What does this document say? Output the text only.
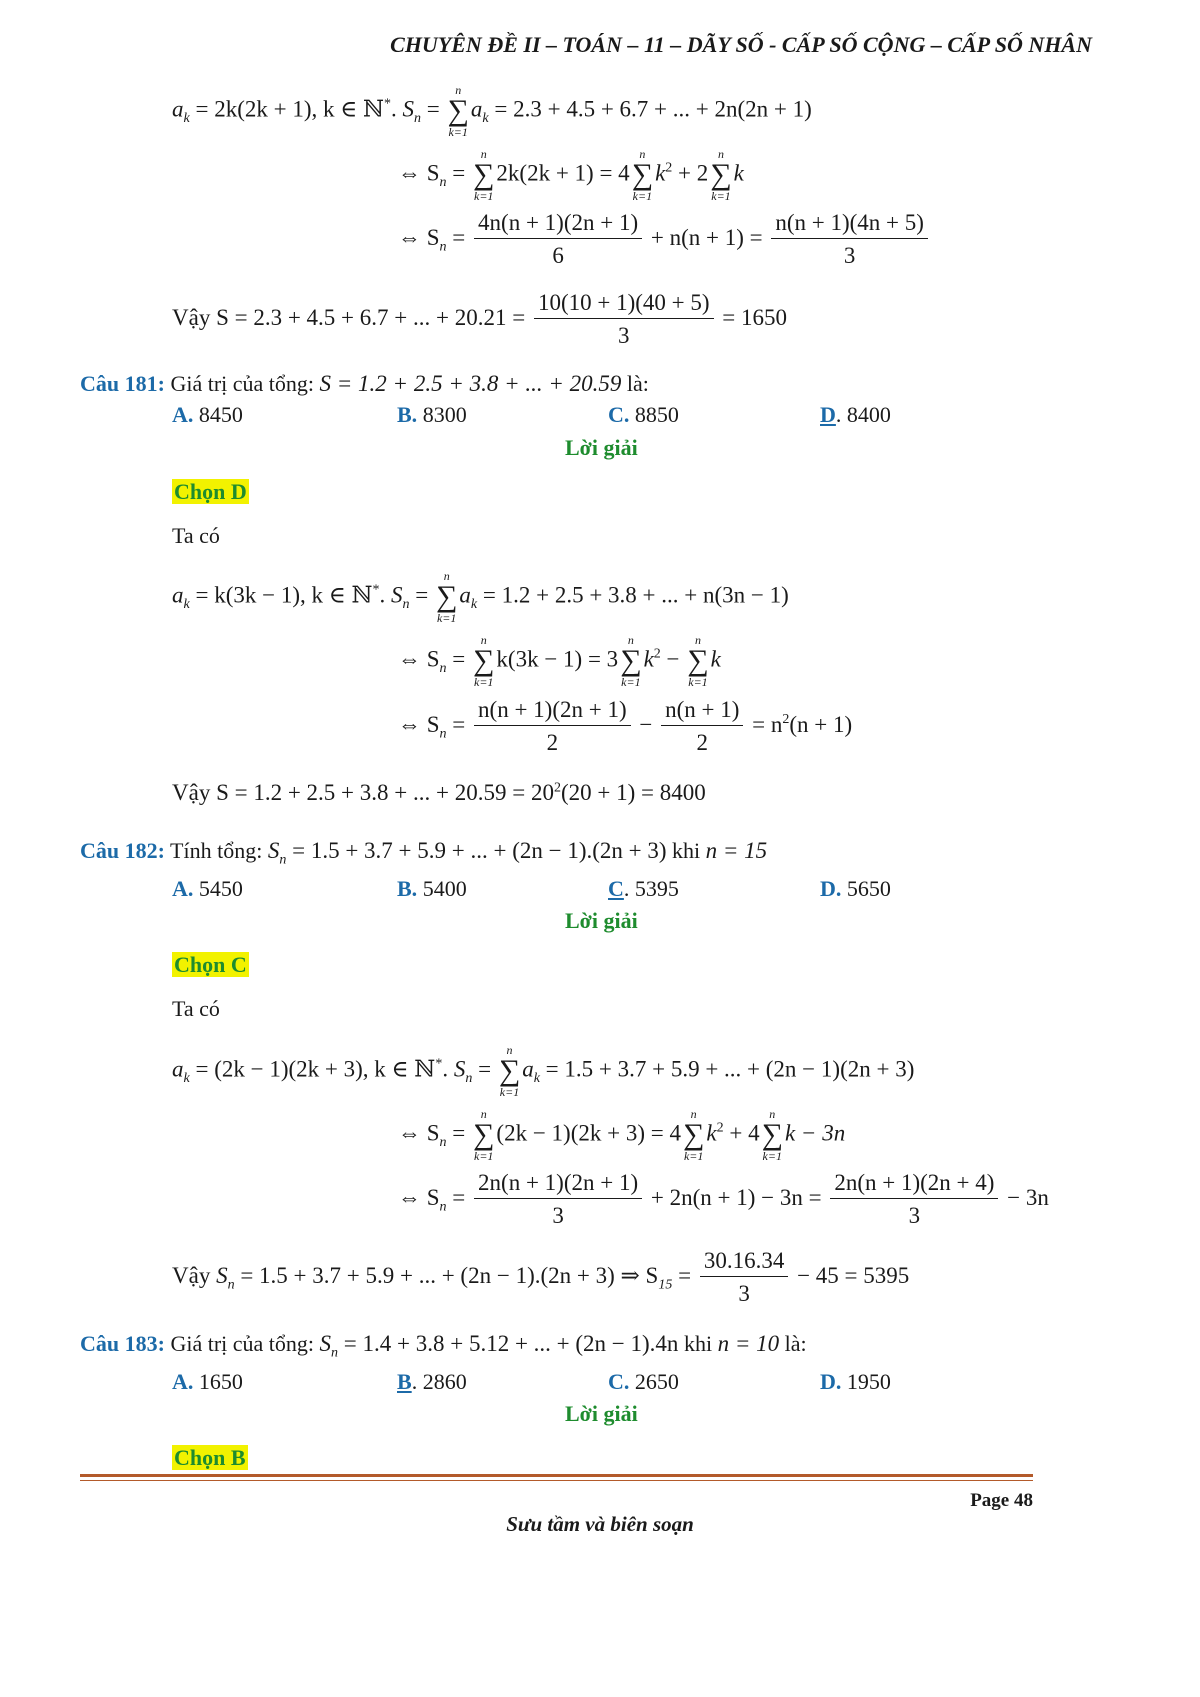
CHUYÊN ĐỀ II – TOÁN – 11 – DÃY SỐ - CẤP SỐ CỘNG – CẤP SỐ NHÂN
$a_k = 2k(2k + 1)$, k ∈ ℕ*. $S_n$ =
n
∑
k=1
$a_k = 2.3 + 4.5 + 6.7$ + ... + 2n(2n + 1)
⇔ $S_n$ =
n
∑
k=1
2k(2k + 1) = 4
n
∑
k=1
$k^2 + 2$
n
∑
k=1
k
⇔ $S_n = \frac{4n(n + 1)(2n + 1)}{6} + n(n + 1) = \frac{n(n + 1)(4n + 5)}{3}$
Vậy S = 2.3 + 4.5 + 6.7 + ... + $20.21 = \frac{10(10 + 1)(40 + 5)}{3} = 1650$
Câu 181: Giá trị của tổng: S = 1.2 + 2.5 + 3.8 + ... + 20.59 là:
A. 8450	B. 8300	C. 8850	D. 8400
Lời giải
Chọn D
Ta có
$a_k = k(3k - 1)$, k ∈ ℕ*. $S_n$ =
n
∑
k=1
$a_k = 1.2 + 2.5 + 3.8$ + ... + n(3n − 1)
⇔ $S_n$ =
n
∑
k=1
k(3k − 1) = 3
n
∑
k=1
$k^2$ −
n
∑
k=1
k
⇔ $S_n = \frac{n(n + 1)(2n + 1)}{2} - \frac{n(n + 1)}{2} = n^2(n + 1)$
Vậy S = 1.2 + 2.5 + 3.8 + ... + $20.59 = 20^2(20 + 1) = 8400$
Câu 182: Tính tổng: $S_n = 1.5 + 3.7 + 5.9$ + ... + (2n − 1).(2n + 3) khi n = 15
A. 5450	B. 5400	C. 5395	D. 5650
Lời giải
Chọn C
Ta có
$a_k = (2k - 1)(2k + 3)$, k ∈ ℕ*. $S_n$ =
n
∑
k=1
$a_k = 1.5 + 3.7 + 5.9$ + ... + (2n − 1)(2n + 3)
⇔ $S_n$ =
n
∑
k=1
(2k − 1)(2k + 3) = 4
n
∑
k=1
$k^2 + 4$
n
∑
k=1
k − 3n
⇔ $S_n = \frac{2n(n + 1)(2n + 1)}{3} + 2n(n + 1) - 3n = \frac{2n(n + 1)(2n + 4)}{3} - 3n$
Vậy $S_n = 1.5 + 3.7 + 5.9$ + ... + (2n − 1).(2n + 3) ⇒ $S_{15} = \frac{30.16.34}{3} - 45 = 5395$
Câu 183: Giá trị của tổng: $S_n = 1.4 + 3.8 + 5.12$ + ... + (2n − 1).4n khi n = 10 là:
A. 1650	B. 2860	C. 2650	D. 1950
Lời giải
Chọn B
Page 48
Sưu tầm và biên soạn
